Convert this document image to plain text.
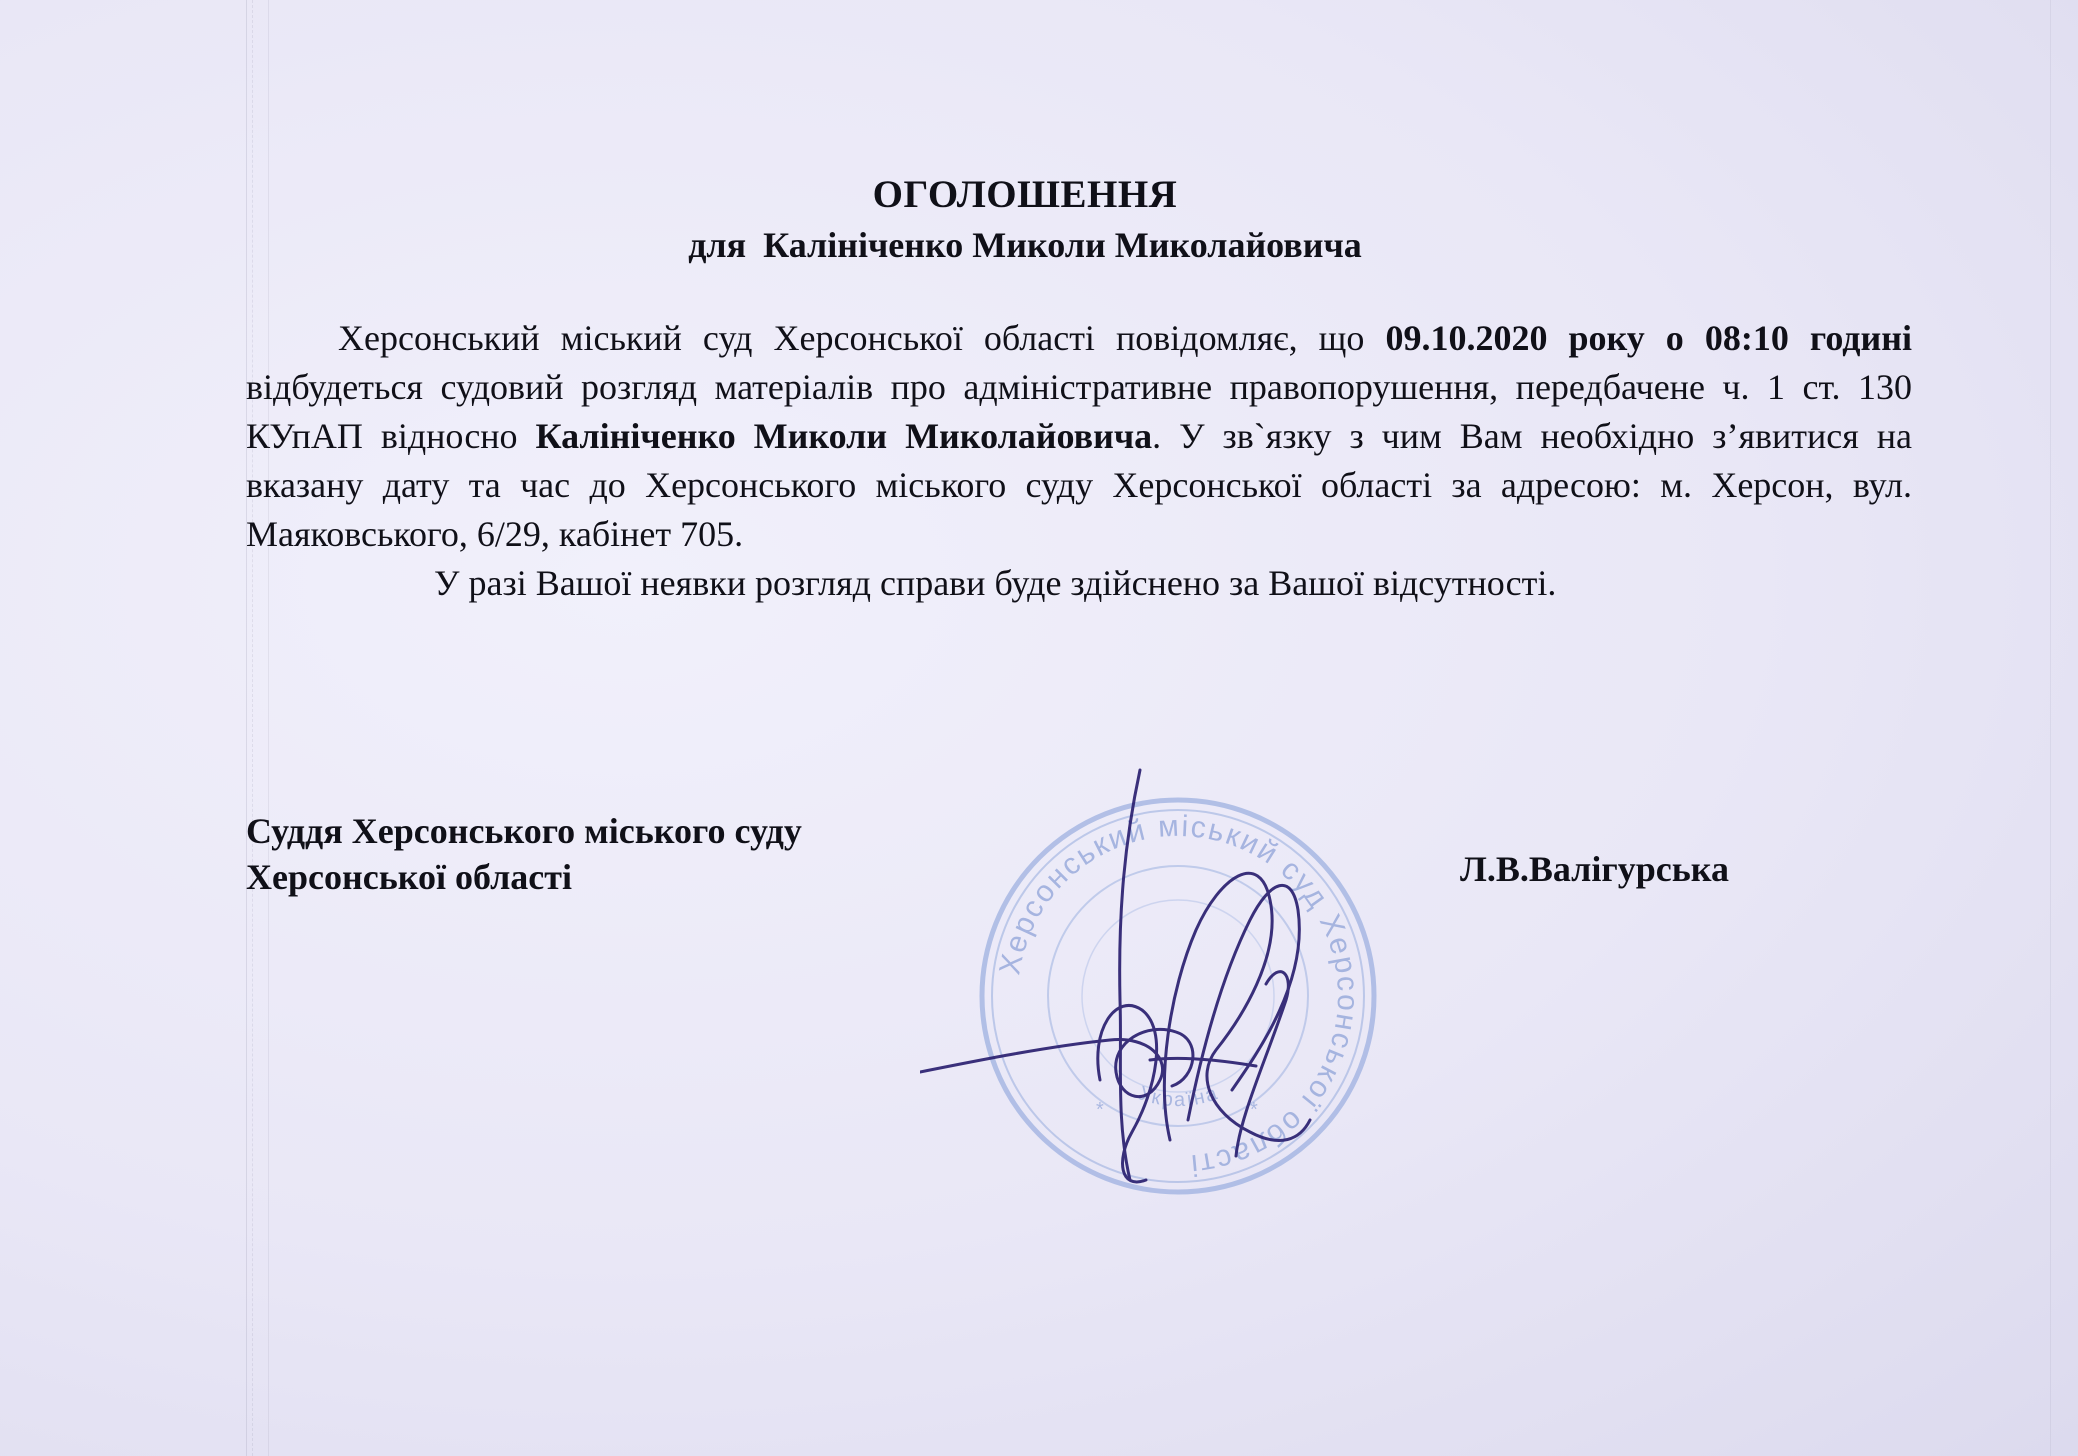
ОГОЛОШЕННЯ
для Калініченко Миколи Миколайовича

Херсонський міський суд Херсонської області повідомляє, що 09.10.2020 року о 08:10 годині відбудеться судовий розгляд матеріалів про адміністративне правопорушення, передбачене ч. 1 ст. 130 КУпАП відносно Калініченко Миколи Миколайовича. У зв`язку з чим Вам необхідно з’явитися на вказану дату та час до Херсонського міського суду Херсонської області за адресою: м. Херсон, вул. Маяковського, 6/29, кабінет 705.

У разі Вашої неявки розгляд справи буде здійснено за Вашої відсутності.

Суддя Херсонського міського суду
Херсонської області	Л.В.Валігурська
Херсонський міський суд Херсонської області
Україна
*	*
